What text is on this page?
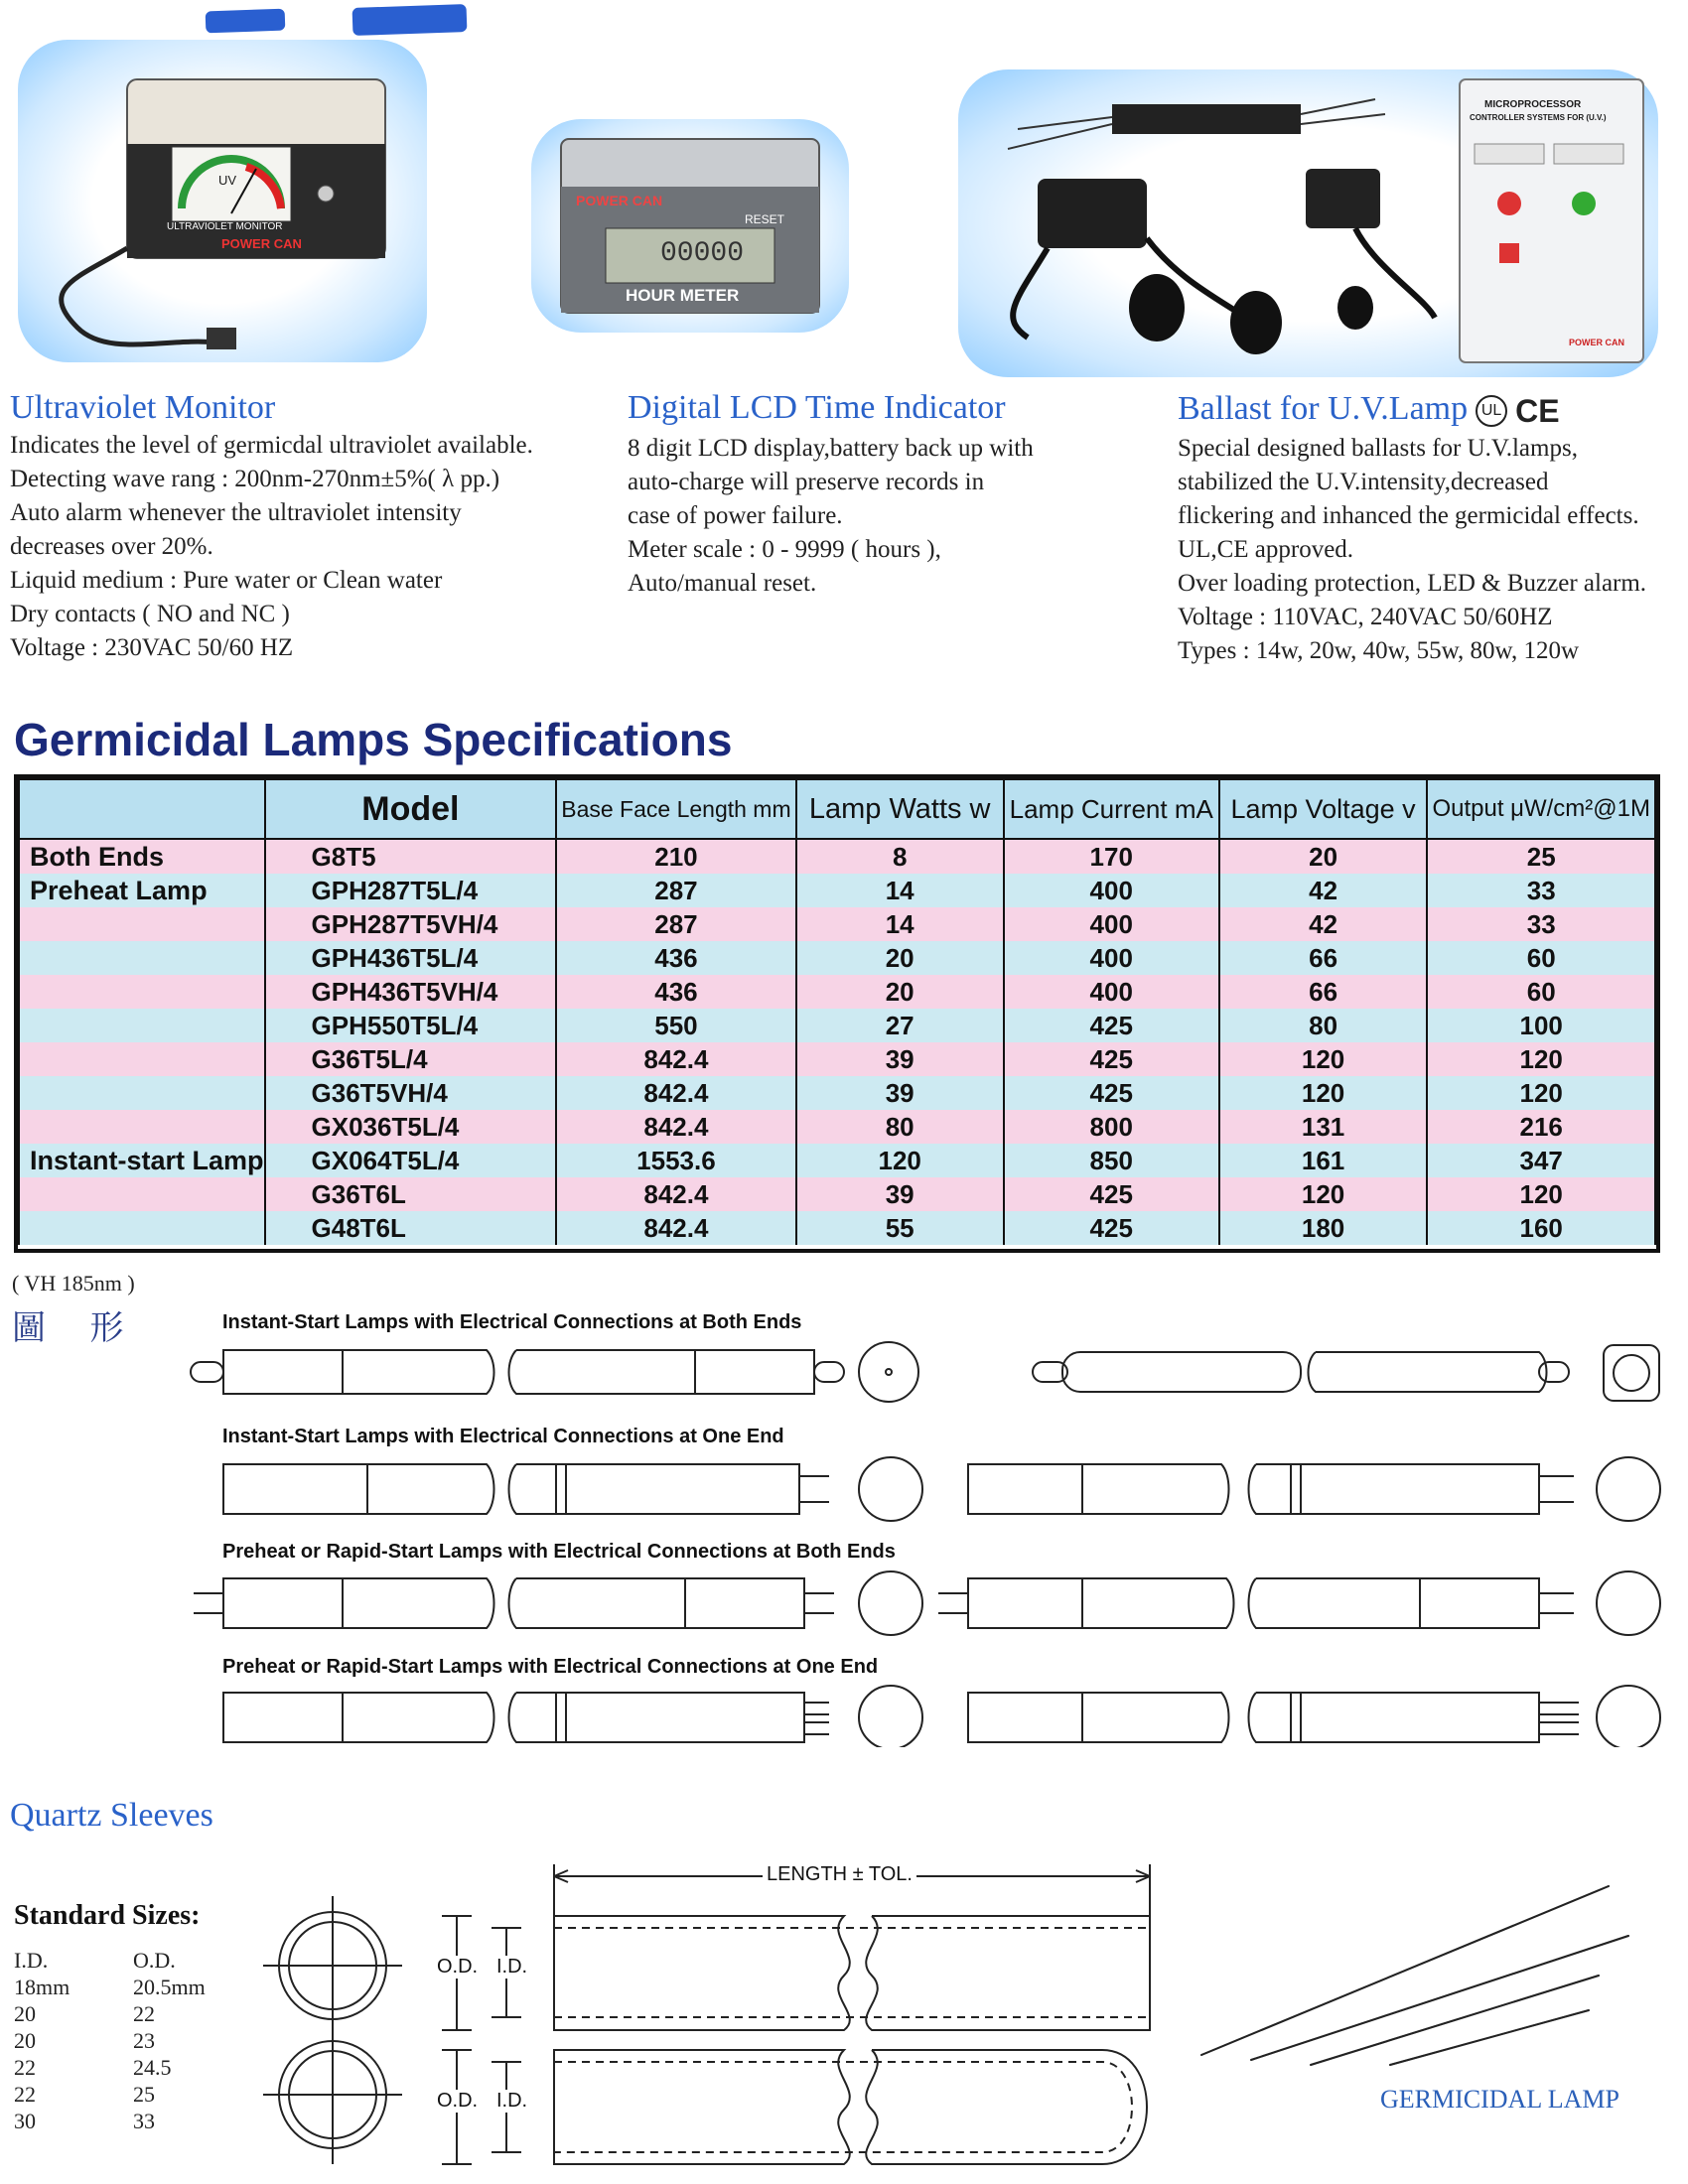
UV
ULTRAVIOLET MONITOR
POWER CAN
POWER CAN
RESET
00000
HOUR METER
MICROPROCESSOR
CONTROLLER SYSTEMS FOR (U.V.)
POWER CAN
Ultraviolet Monitor
Indicates the level of germicdal ultraviolet available.
Detecting wave rang : 200nm-270nm±5%( λ pp.)
Auto alarm whenever the ultraviolet intensity
decreases over 20%.
Liquid medium : Pure water or Clean water
Dry contacts ( NO and NC )
Voltage : 230VAC 50/60 HZ
Digital LCD Time Indicator
8 digit LCD display,battery back up with
auto-charge will preserve records in
case of power failure.
Meter scale : 0 - 9999 ( hours ),
Auto/manual reset.
Ballast for U.V.Lamp UL CE
Special designed ballasts for U.V.lamps,
stabilized the U.V.intensity,decreased
flickering and inhanced the germicidal effects.
UL,CE approved.
Over loading protection, LED & Buzzer alarm.
Voltage : 110VAC, 240VAC 50/60HZ
Types : 14w, 20w, 40w, 55w, 80w, 120w
Germicidal Lamps Specifications
	Model	Base Face Length mm	Lamp Watts w	Lamp Current mA	Lamp Voltage v	Output μW/cm²@1M
Both Ends	G8T5	210	8	170	20	25
Preheat Lamp	GPH287T5L/4	287	14	400	42	33
	GPH287T5VH/4	287	14	400	42	33
	GPH436T5L/4	436	20	400	66	60
	GPH436T5VH/4	436	20	400	66	60
	GPH550T5L/4	550	27	425	80	100
	G36T5L/4	842.4	39	425	120	120
	G36T5VH/4	842.4	39	425	120	120
	GX036T5L/4	842.4	80	800	131	216
Instant-start Lamp	GX064T5L/4	1553.6	120	850	161	347
	G36T6L	842.4	39	425	120	120
	G48T6L	842.4	55	425	180	160
( VH 185nm )
圖 形	Instant-Start Lamps with Electrical Connections at Both Ends
Instant-Start Lamps with Electrical Connections at One End
Preheat or Rapid-Start Lamps with Electrical Connections at Both Ends
Preheat or Rapid-Start Lamps with Electrical Connections at One End
Quartz Sleeves
Standard Sizes:
I.D.	O.D.
18mm	20.5mm
20	22
20	23
22	24.5
22	25
30	33
LENGTH ± TOL.
O.D. I.D.
O.D. I.D.	GERMICIDAL LAMP
